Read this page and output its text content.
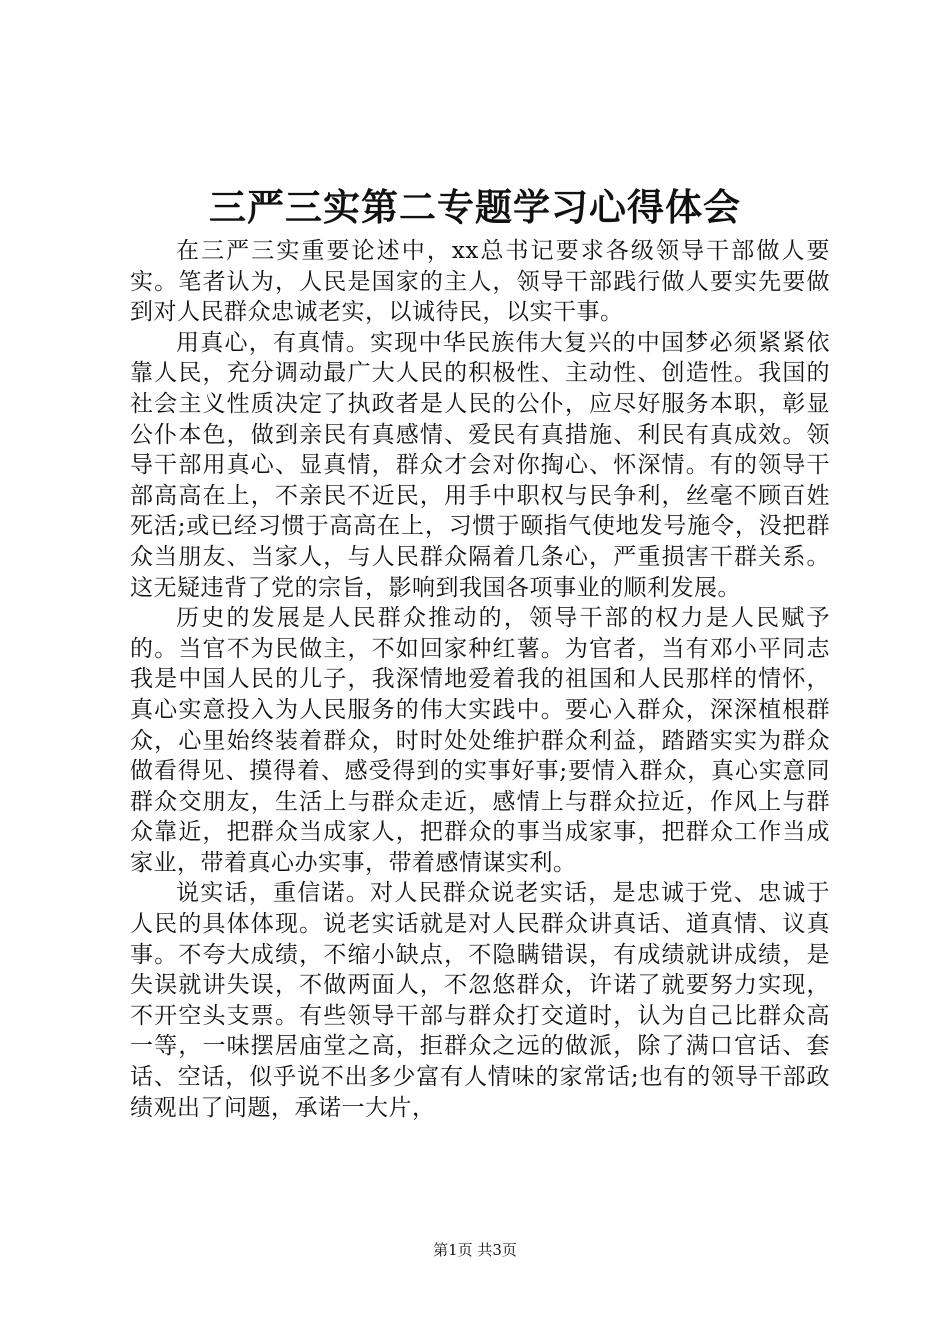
三严三实第二专题学习心得体会

在三严三实重要论述中，xx总书记要求各级领导干部做人要实。笔者认为，人民是国家的主人，领导干部践行做人要实先要做到对人民群众忠诚老实，以诚待民，以实干事。

用真心，有真情。实现中华民族伟大复兴的中国梦必须紧紧依靠人民，充分调动最广大人民的积极性、主动性、创造性。我国的社会主义性质决定了执政者是人民的公仆，应尽好服务本职，彰显公仆本色，做到亲民有真感情、爱民有真措施、利民有真成效。领导干部用真心、显真情，群众才会对你掏心、怀深情。有的领导干部高高在上，不亲民不近民，用手中职权与民争利，丝毫不顾百姓死活;或已经习惯于高高在上，习惯于颐指气使地发号施令，没把群众当朋友、当家人，与人民群众隔着几条心，严重损害干群关系。这无疑违背了党的宗旨，影响到我国各项事业的顺利发展。

历史的发展是人民群众推动的，领导干部的权力是人民赋予的。当官不为民做主，不如回家种红薯。为官者，当有邓小平同志我是中国人民的儿子，我深情地爱着我的祖国和人民那样的情怀，真心实意投入为人民服务的伟大实践中。要心入群众，深深植根群众，心里始终装着群众，时时处处维护群众利益，踏踏实实为群众做看得见、摸得着、感受得到的实事好事;要情入群众，真心实意同群众交朋友，生活上与群众走近，感情上与群众拉近，作风上与群众靠近，把群众当成家人，把群众的事当成家事，把群众工作当成家业，带着真心办实事，带着感情谋实利。

说实话，重信诺。对人民群众说老实话，是忠诚于党、忠诚于人民的具体体现。说老实话就是对人民群众讲真话、道真情、议真事。不夸大成绩，不缩小缺点，不隐瞒错误，有成绩就讲成绩，是失误就讲失误，不做两面人，不忽悠群众，许诺了就要努力实现，不开空头支票。有些领导干部与群众打交道时，认为自己比群众高一等，一味摆居庙堂之高，拒群众之远的做派，除了满口官话、套话、空话，似乎说不出多少富有人情味的家常话;也有的领导干部政绩观出了问题，承诺一大片，

第1页 共3页
